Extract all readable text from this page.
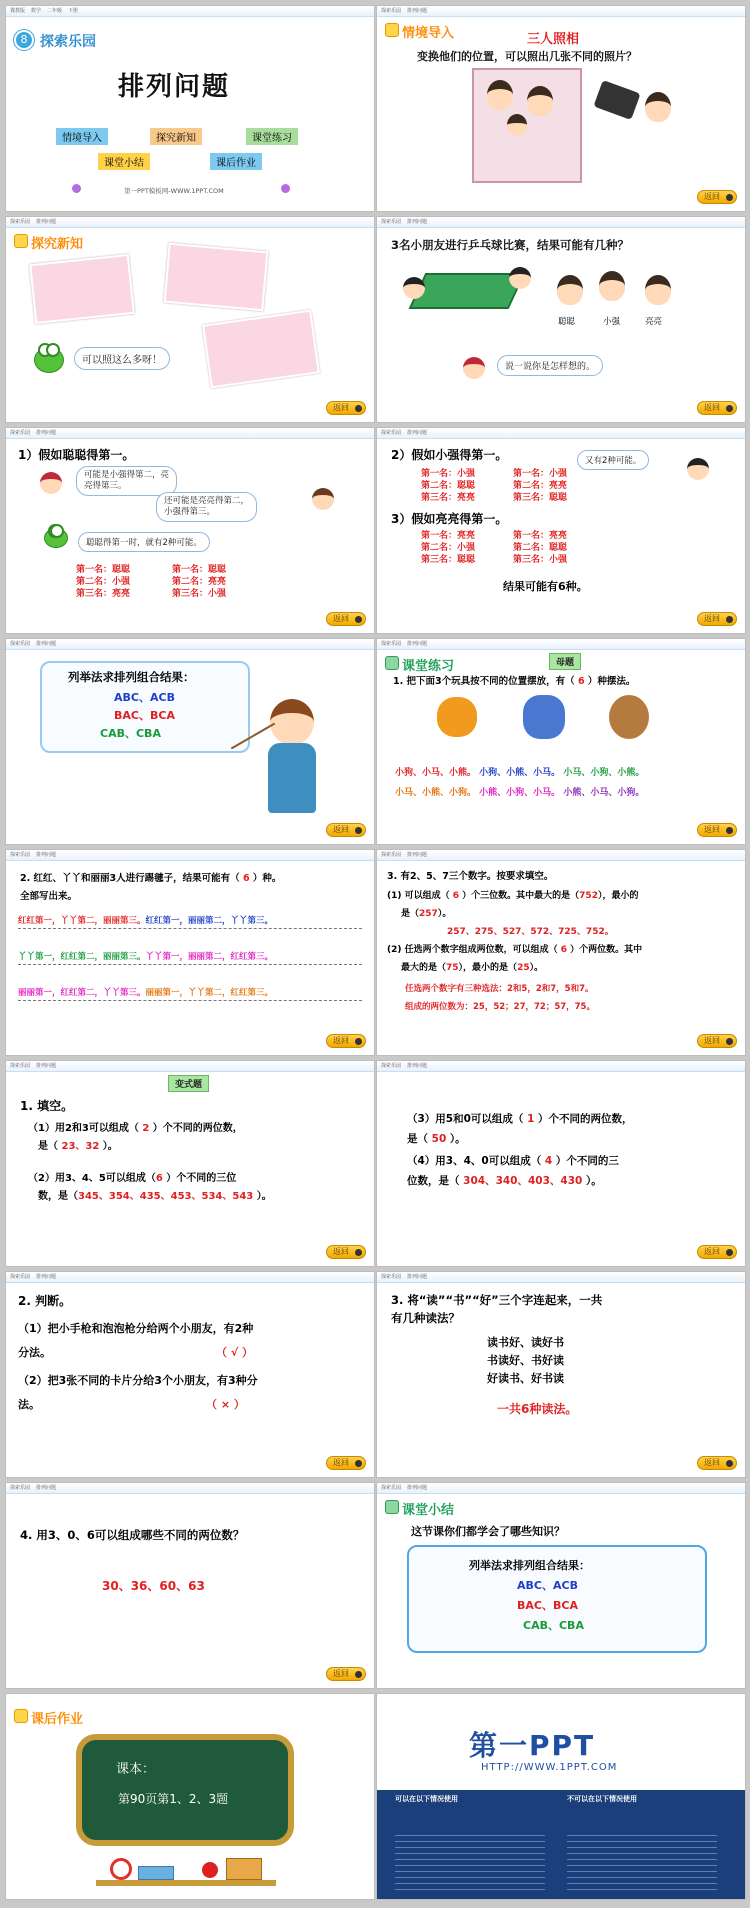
冀教版 数学 二年级 下册
8 探索乐园
排列问题
情境导入	探究新知	课堂练习
课堂小结	课后作业
第一PPT模板网-WWW.1PPT.COM
探索乐园 排列问题
情境导入	三人照相
变换他们的位置，可以照出几张不同的照片？
返回
探索乐园 排列问题
探究新知
可以照这么多呀！
返回
探索乐园 排列问题
3名小朋友进行乒乓球比赛，结果可能有几种？
聪聪	小强	亮亮
说一说你是怎样想的。
返回
探索乐园 排列问题
1）假如聪聪得第一。
可能是小强得第二，亮
亮得第三。
还可能是亮亮得第二，
小强得第三。
聪聪得第一时，就有2种可能。
第一名：聪聪
第二名：小强
第三名：亮亮
第一名：聪聪
第二名：亮亮
第三名：小强
返回
探索乐园 排列问题
2）假如小强得第一。	又有2种可能。
第一名：小强
第二名：聪聪
第三名：亮亮
第一名：小强
第二名：亮亮
第三名：聪聪
3）假如亮亮得第一。
第一名：亮亮
第二名：小强
第三名：聪聪
第一名：亮亮
第二名：聪聪
第三名：小强
结果可能有6种。
返回
探索乐园 排列问题
列举法求排列组合结果：
ABC、ACB
BAC、BCA
CAB、CBA
返回
探索乐园 排列问题
课堂练习	母题
1. 把下面3个玩具按不同的位置摆放，有（ 6 ）种摆法。
小狗、小马、小熊。 小狗、小熊、小马。 小马、小狗、小熊。
小马、小熊、小狗。 小熊、小狗、小马。 小熊、小马、小狗。
返回
探索乐园 排列问题
2. 红红、丫丫和丽丽3人进行踢毽子，结果可能有（ 6 ）种。
全部写出来。
红红第一，丫丫第二，丽丽第三。红红第一，丽丽第二，丫丫第三。
丫丫第一，红红第二，丽丽第三。丫丫第一，丽丽第二，红红第三。
丽丽第一，红红第二，丫丫第三。丽丽第一，丫丫第二，红红第三。
返回
探索乐园 排列问题
3. 有2、5、7三个数字。按要求填空。
(1) 可以组成（ 6 ）个三位数。其中最大的是（752），最小的
是（257）。
257、275、527、572、725、752。
(2) 任选两个数字组成两位数，可以组成（ 6 ）个两位数。其中
最大的是（75），最小的是（25）。
任选两个数字有三种选法：2和5，2和7，5和7。
组成的两位数为：25，52；27，72；57，75。
返回
探索乐园 排列问题
变式题
1. 填空。
（1）用2和3可以组成（ 2 ）个不同的两位数，
是（ 23、32 ）。
（2）用3、4、5可以组成（6 ）个不同的三位
数，是（345、354、435、453、534、543 ）。
返回
探索乐园 排列问题
（3）用5和0可以组成（ 1 ）个不同的两位数，
是（ 50 ）。
（4）用3、4、0可以组成（ 4 ）个不同的三
位数，是（ 304、340、403、430 ）。
返回
探索乐园 排列问题
2. 判断。
（1）把小手枪和泡泡枪分给两个小朋友，有2种
分法。	（ √ ）
（2）把3张不同的卡片分给3个小朋友，有3种分
法。	（ × ）
返回
探索乐园 排列问题
3. 将“读”“书”“好”三个字连起来，一共
有几种读法？
读书好、读好书
书读好、书好读
好读书、好书读
一共6种读法。
返回
探索乐园 排列问题
4. 用3、0、6可以组成哪些不同的两位数？
30、36、60、63
返回
探索乐园 排列问题
课堂小结
这节课你们都学会了哪些知识？
列举法求排列组合结果：
ABC、ACB
BAC、BCA
CAB、CBA
课后作业
课本：
第90页第1、2、3题
第一PPT
HTTP://WWW.1PPT.COM
可以在以下情况使用	不可以在以下情况使用
